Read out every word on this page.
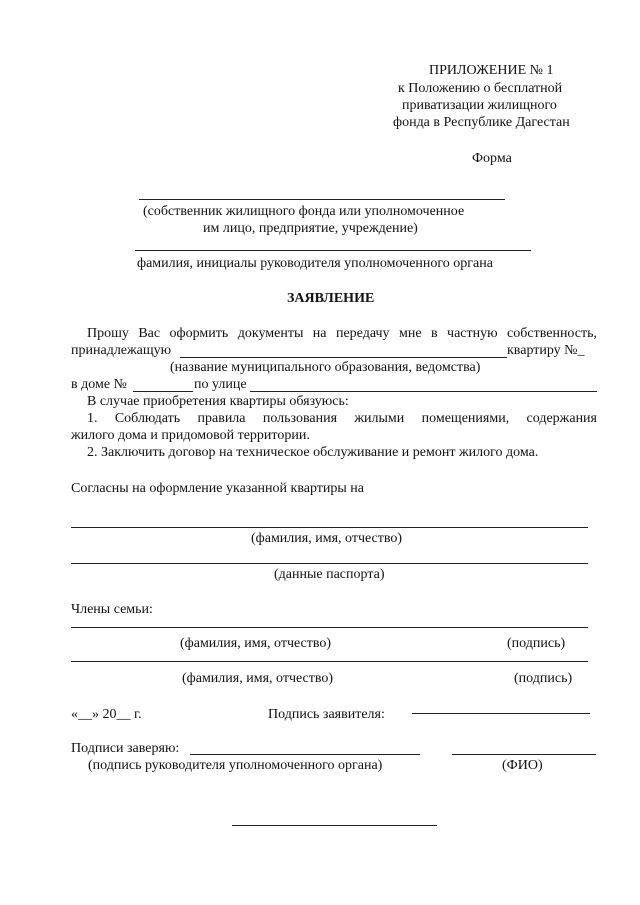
ПРИЛОЖЕНИЕ № 1
к Положению о бесплатной
приватизации жилищного
фонда в Республике Дагестан
Форма
(собственник жилищного фонда или уполномоченное
им лицо, предприятие, учреждение)
фамилия, инициалы руководителя уполномоченного органа
ЗАЯВЛЕНИЕ
Прошу Вас оформить документы на передачу мне в частную собственность,
принадлежащую	квартиру №_
(название муниципального образования, ведомства)
в доме №	по улице
В случае приобретения квартиры обязуюсь:
1. Соблюдать правила пользования жилыми помещениями, содержания
жилого дома и придомовой территории.
2. Заключить договор на техническое обслуживание и ремонт жилого дома.
Согласны на оформление указанной квартиры на
(фамилия, имя, отчество)
(данные паспорта)
Члены семьи:
(фамилия, имя, отчество)	(подпись)
(фамилия, имя, отчество)	(подпись)
«__» 20__ г.	Подпись заявителя:
Подписи заверяю:
(подпись руководителя уполномоченного органа)	(ФИО)
